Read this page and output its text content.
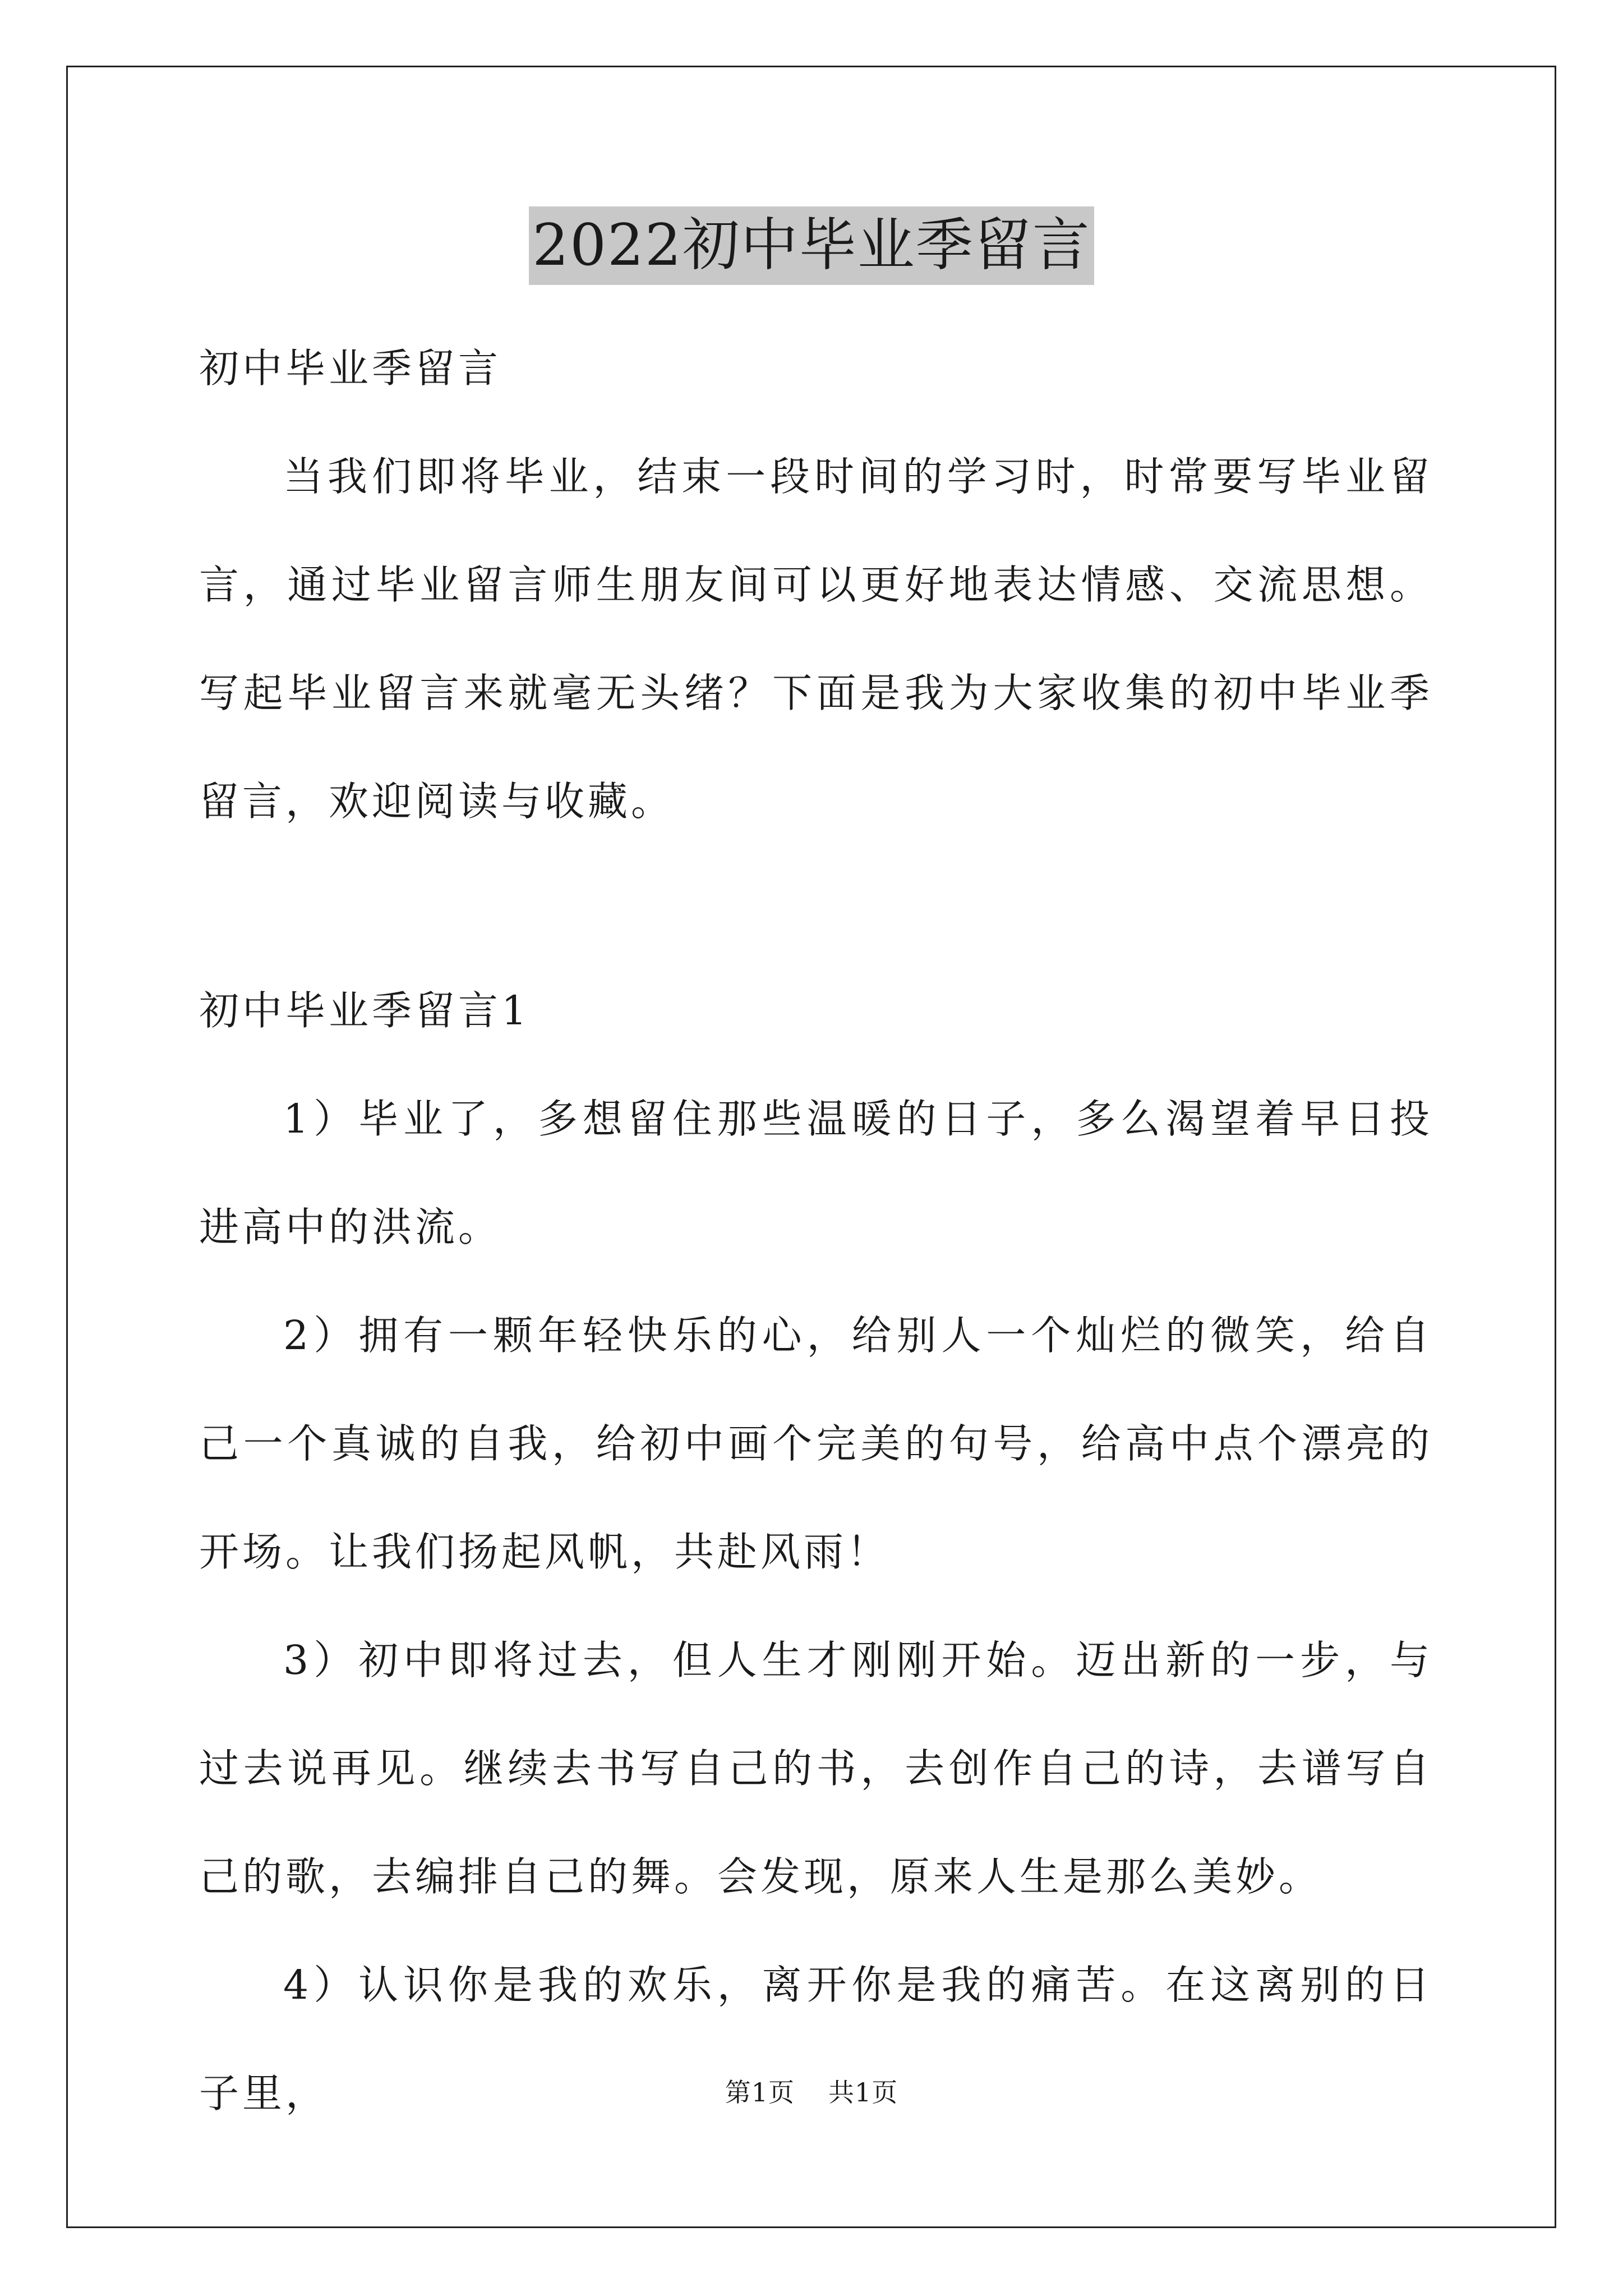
2022初中毕业季留言

初中毕业季留言

当我们即将毕业，结束一段时间的学习时，时常要写毕业留言，通过毕业留言师生朋友间可以更好地表达情感、交流思想。写起毕业留言来就毫无头绪？下面是我为大家收集的初中毕业季留言，欢迎阅读与收藏。

初中毕业季留言1

1）毕业了，多想留住那些温暖的日子，多么渴望着早日投进高中的洪流。

2）拥有一颗年轻快乐的心，给别人一个灿烂的微笑，给自己一个真诚的自我，给初中画个完美的句号，给高中点个漂亮的开场。让我们扬起风帆，共赴风雨！

3）初中即将过去，但人生才刚刚开始。迈出新的一步，与过去说再见。继续去书写自己的书，去创作自己的诗，去谱写自己的歌，去编排自己的舞。会发现，原来人生是那么美妙。

4）认识你是我的欢乐，离开你是我的痛苦。在这离别的日子里，	第1页 共1页
